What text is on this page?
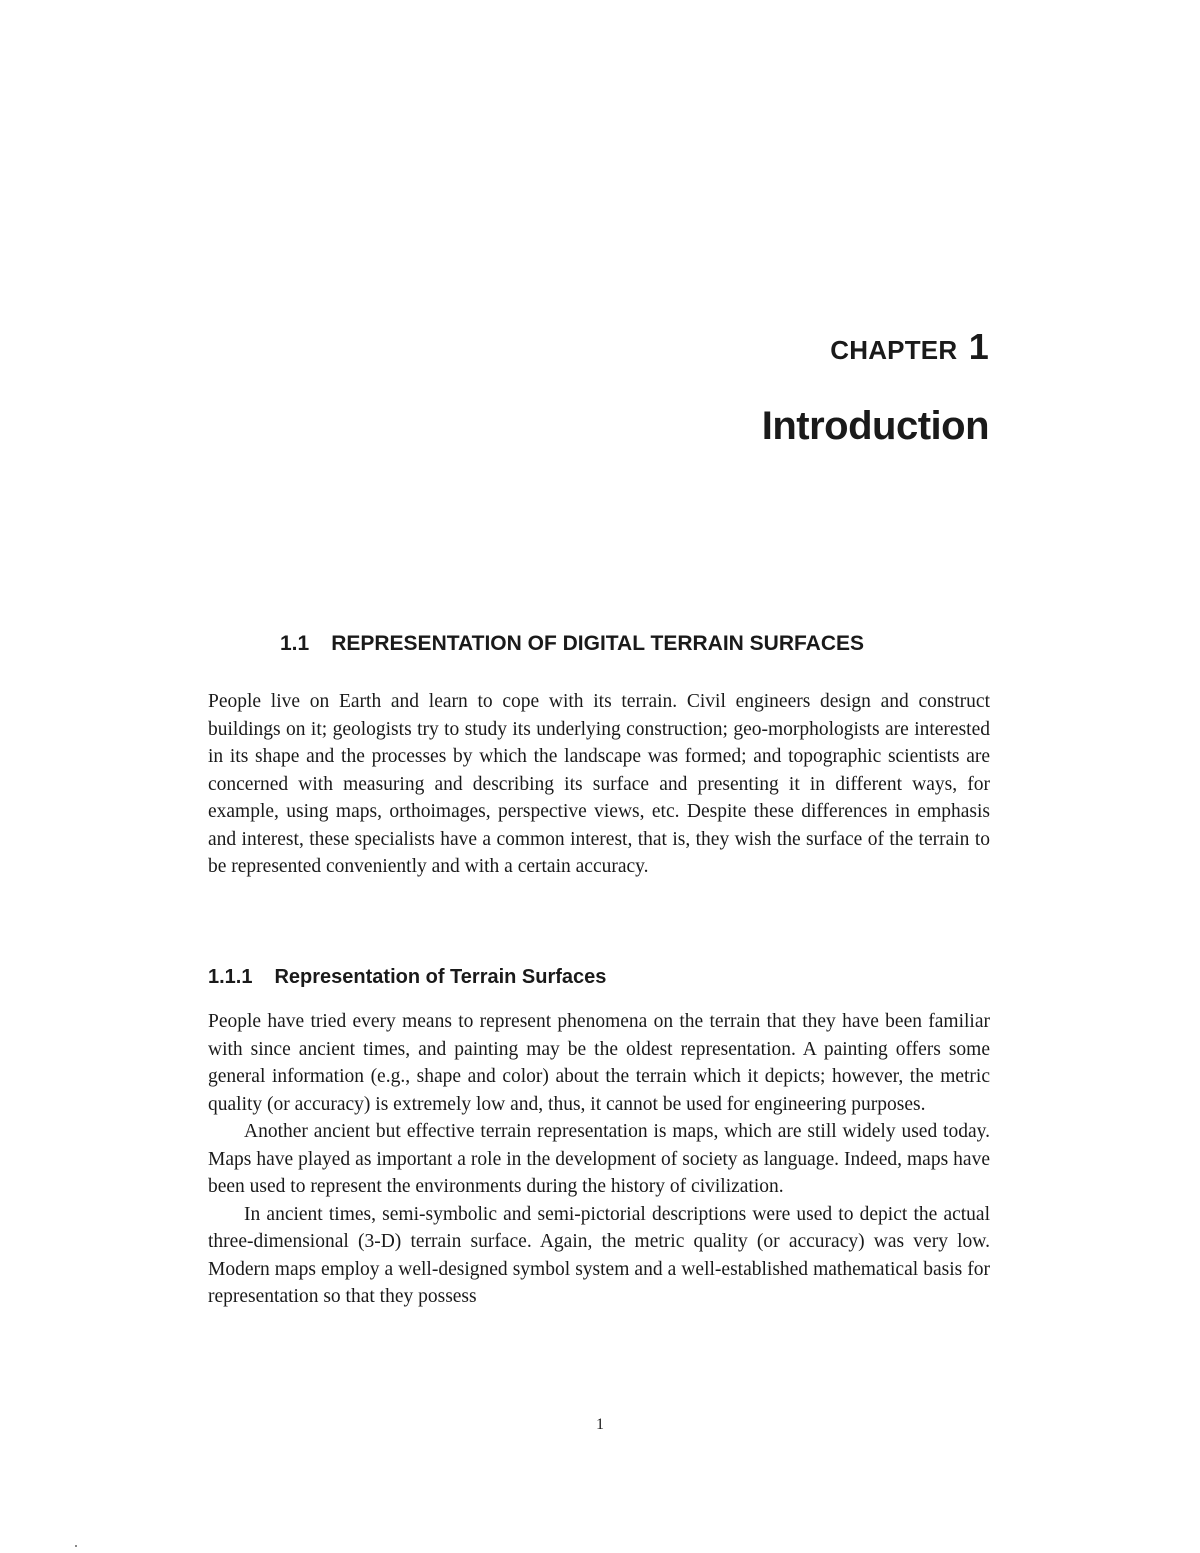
CHAPTER 1
Introduction
1.1 REPRESENTATION OF DIGITAL TERRAIN SURFACES

People live on Earth and learn to cope with its terrain. Civil engineers design and construct buildings on it; geologists try to study its underlying construction; geo-morphologists are interested in its shape and the processes by which the landscape was formed; and topographic scientists are concerned with measuring and describing its surface and presenting it in different ways, for example, using maps, orthoimages, perspective views, etc. Despite these differences in emphasis and interest, these specialists have a common interest, that is, they wish the surface of the terrain to be represented conveniently and with a certain accuracy.

1.1.1 Representation of Terrain Surfaces

People have tried every means to represent phenomena on the terrain that they have been familiar with since ancient times, and painting may be the oldest representation. A painting offers some general information (e.g., shape and color) about the terrain which it depicts; however, the metric quality (or accuracy) is extremely low and, thus, it cannot be used for engineering purposes.

Another ancient but effective terrain representation is maps, which are still widely used today. Maps have played as important a role in the development of society as language. Indeed, maps have been used to represent the environments during the history of civilization.

In ancient times, semi-symbolic and semi-pictorial descriptions were used to depict the actual three-dimensional (3-D) terrain surface. Again, the metric quality (or accuracy) was very low. Modern maps employ a well-designed symbol system and a well-established mathematical basis for representation so that they possess

1
